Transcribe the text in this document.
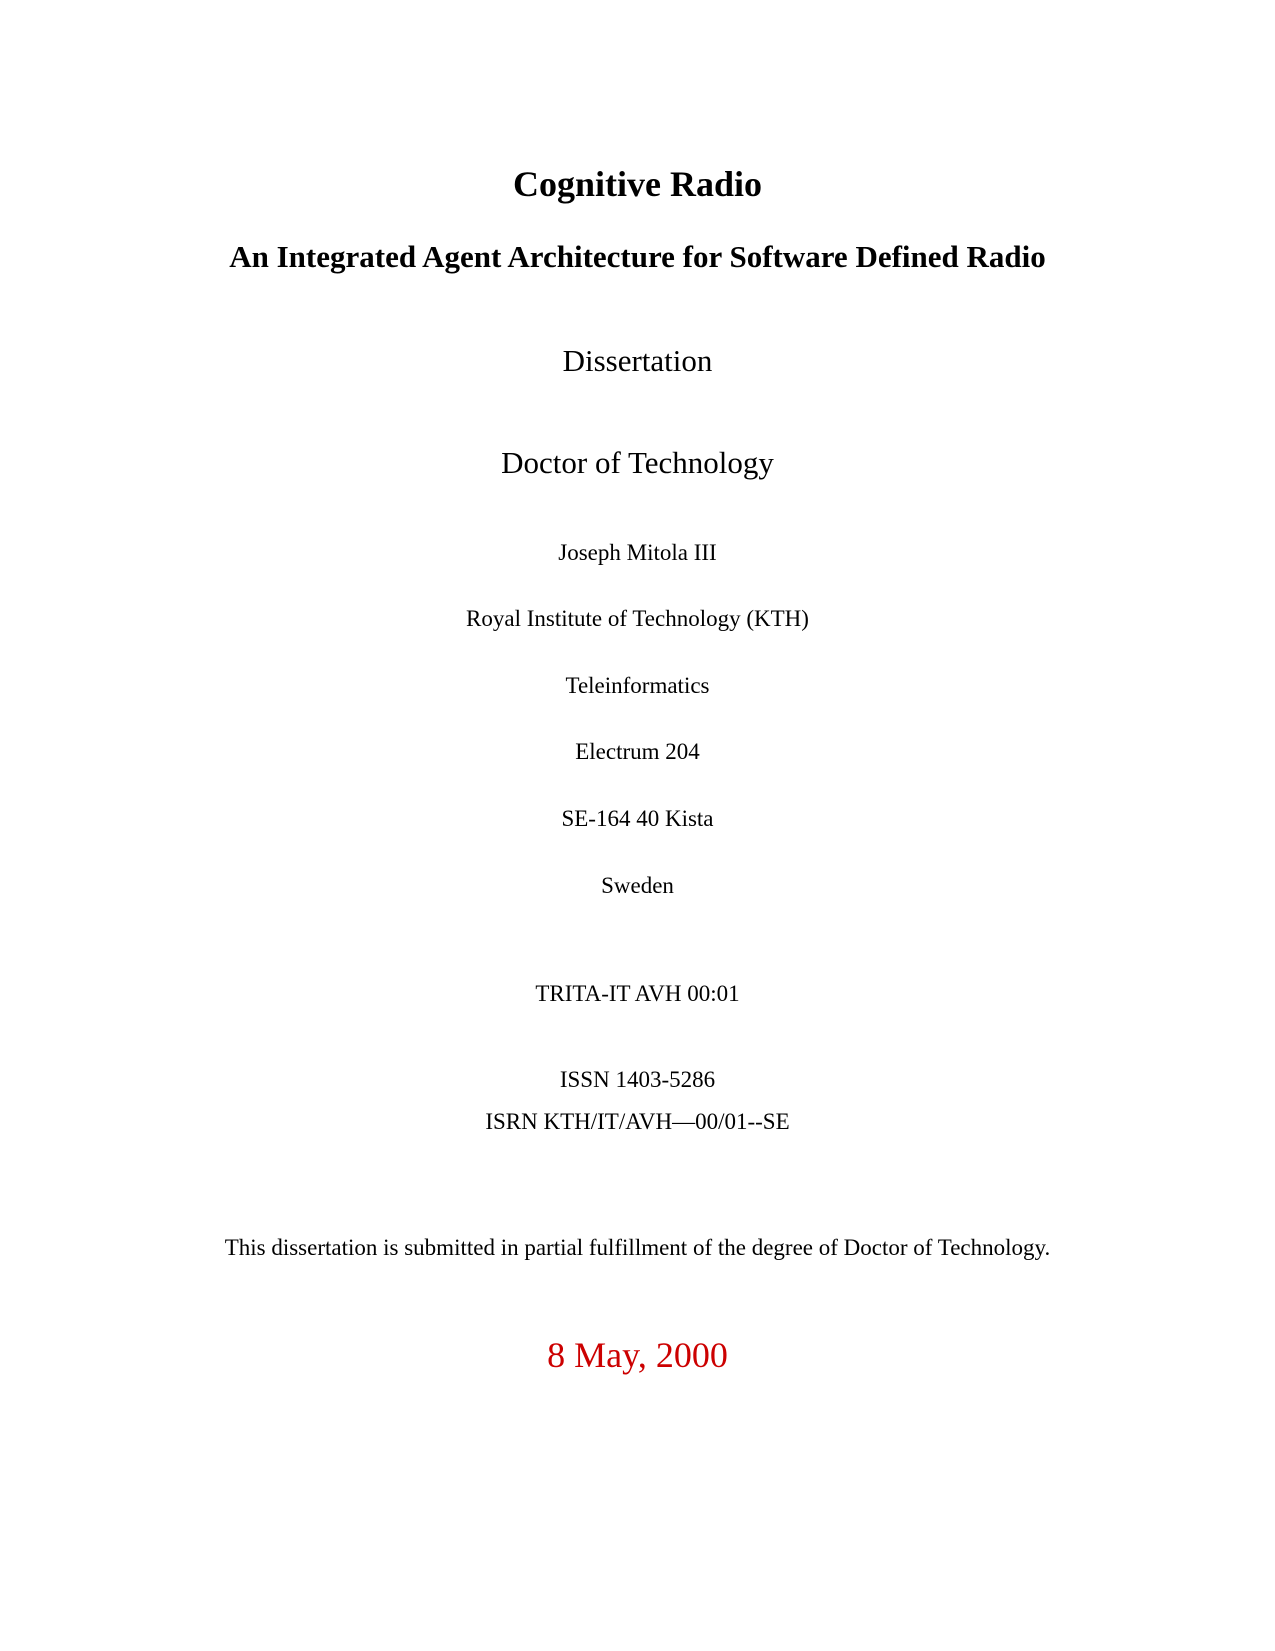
Cognitive Radio
An Integrated Agent Architecture for Software Defined Radio
Dissertation
Doctor of Technology
Joseph Mitola III
Royal Institute of Technology (KTH)
Teleinformatics
Electrum 204
SE-164 40 Kista
Sweden
TRITA-IT AVH 00:01
ISSN 1403-5286
ISRN KTH/IT/AVH—00/01--SE
This dissertation is submitted in partial fulfillment of the degree of Doctor of Technology.
8 May, 2000
